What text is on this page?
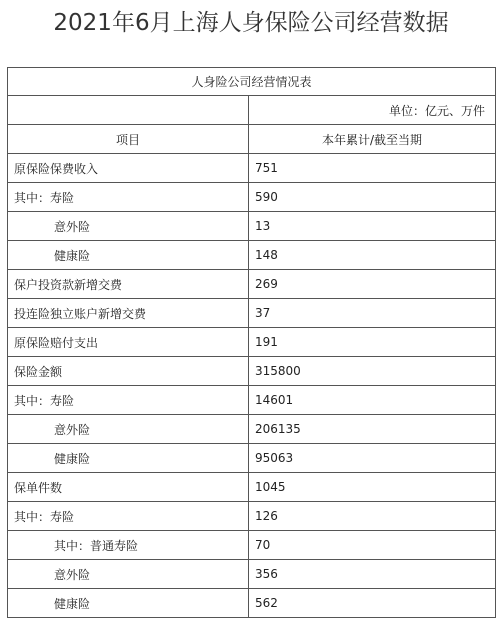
2021年6月上海人身保险公司经营数据
人身险公司经营情况表	
	单位：亿元、万件
项目	本年累计/截至当期
原保险保费收入	751
其中：寿险	590
意外险	13
健康险	148
保户投资款新增交费	269
投连险独立账户新增交费	37
原保险赔付支出	191
保险金额	315800
其中：寿险	14601
意外险	206135
健康险	95063
保单件数	1045
其中：寿险	126
其中：普通寿险	70
意外险	356
健康险	562
